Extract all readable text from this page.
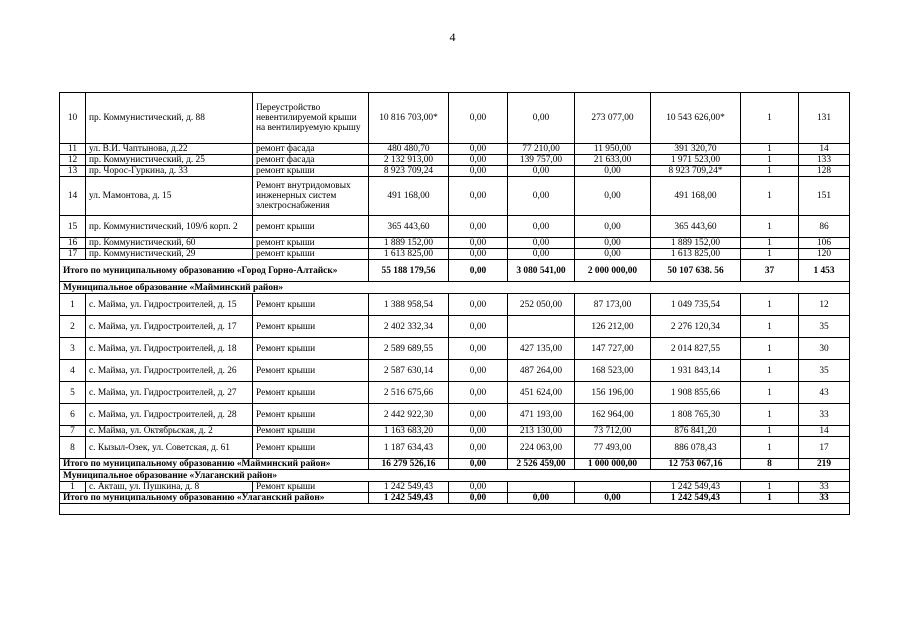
4
10	пр. Коммунистический, д. 88	Переустройство невентилируемой крыши на вентилируемую крышу	10 816 703,00*	0,00	0,00	273 077,00	10 543 626,00*	1	131
11	ул. В.И. Чаптынова, д.22	ремонт фасада	480 480,70	0,00	77 210,00	11 950,00	391 320,70	1	14
12	пр. Коммунистический, д. 25	ремонт фасада	2 132 913,00	0,00	139 757,00	21 633,00	1 971 523,00	1	133
13	пр. Чорос-Гуркина, д. 33	ремонт крыши	8 923 709,24	0,00	0,00	0,00	8 923 709,24*	1	128
14	ул. Мамонтова, д. 15	Ремонт внутридомовых инженерных систем электроснабжения	491 168,00	0,00	0,00	0,00	491 168,00	1	151
15	пр. Коммунистический, 109/6 корп. 2	ремонт крыши	365 443,60	0,00	0,00	0,00	365 443,60	1	86
16	пр. Коммунистический, 60	ремонт крыши	1 889 152,00	0,00	0,00	0,00	1 889 152,00	1	106
17	пр. Коммунистический, 29	ремонт крыши	1 613 825,00	0,00	0,00	0,00	1 613 825,00	1	120
Итого по муниципальному образованию «Город Горно-Алтайск»			55 188 179,56	0,00	3 080 541,00	2 000 000,00	50 107 638. 56	37	1 453
Муниципальное образование «Майминский район»									
1	с. Майма, ул. Гидростроителей, д. 15	Ремонт крыши	1 388 958,54	0,00	252 050,00	87 173,00	1 049 735,54	1	12
2	с. Майма, ул. Гидростроителей, д. 17	Ремонт крыши	2 402 332,34	0,00		126 212,00	2 276 120,34	1	35
3	с. Майма, ул. Гидростроителей, д. 18	Ремонт крыши	2 589 689,55	0,00	427 135,00	147 727,00	2 014 827,55	1	30
4	с. Майма, ул. Гидростроителей, д. 26	Ремонт крыши	2 587 630,14	0,00	487 264,00	168 523,00	1 931 843,14	1	35
5	с. Майма, ул. Гидростроителей, д. 27	Ремонт крыши	2 516 675,66	0,00	451 624,00	156 196,00	1 908 855,66	1	43
6	с. Майма, ул. Гидростроителей, д. 28	Ремонт крыши	2 442 922,30	0,00	471 193,00	162 964,00	1 808 765,30	1	33
7	с. Майма, ул. Октябрьская, д. 2	Ремонт крыши	1 163 683,20	0,00	213 130,00	73 712,00	876 841,20	1	14
8	с. Кызыл-Озек, ул. Советская, д. 61	Ремонт крыши	1 187 634,43	0,00	224 063,00	77 493,00	886 078,43	1	17
Итого по муниципальному образованию «Майминский район»			16 279 526,16	0,00	2 526 459,00	1 000 000,00	12 753 067,16	8	219
Муниципальное образование «Улаганский район»									
1	с. Акташ, ул. Пушкина, д. 8	Ремонт крыши	1 242 549,43	0,00			1 242 549,43	1	33
Итого по муниципальному образованию «Улаганский район»			1 242 549,43	0,00	0,00	0,00	1 242 549,43	1	33
